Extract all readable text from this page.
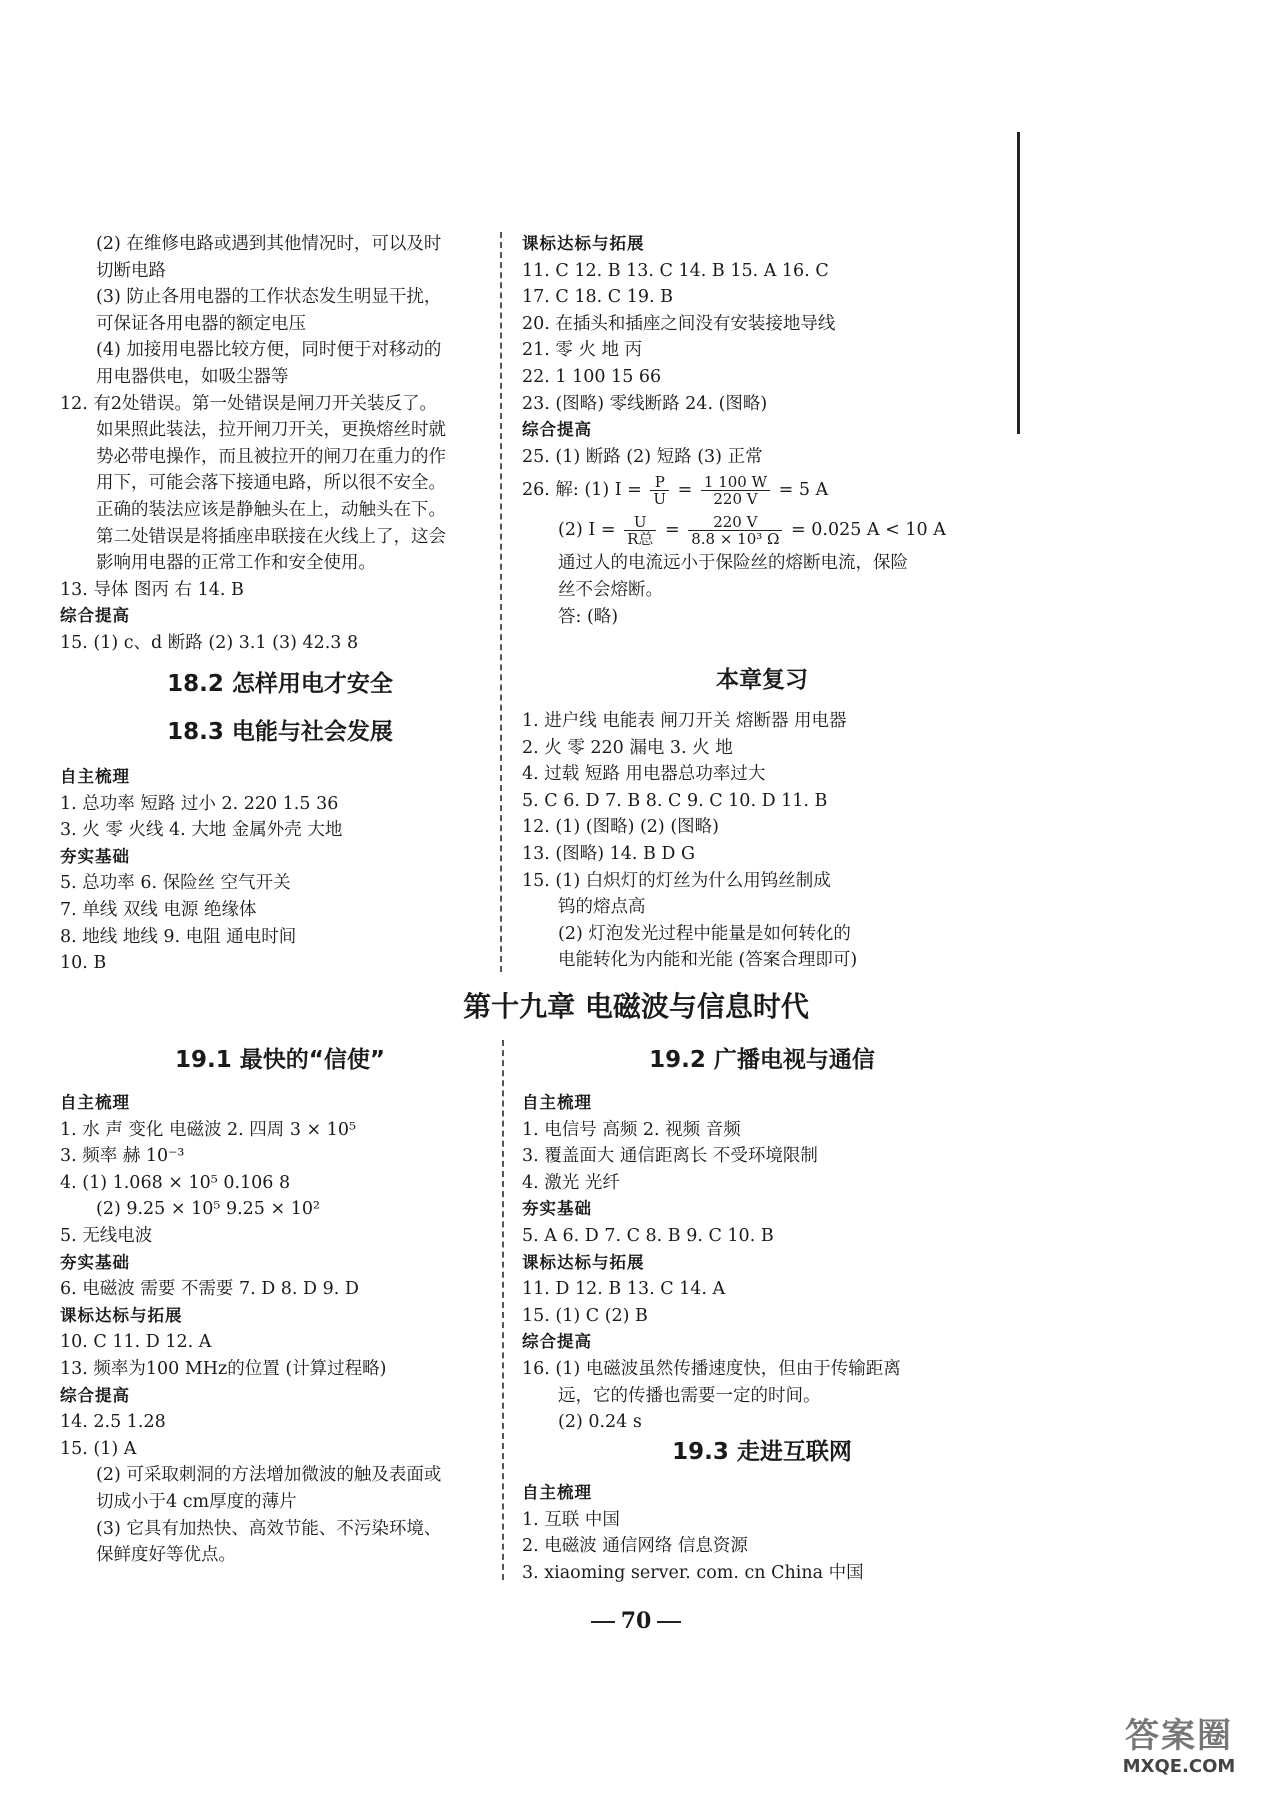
(2) 在维修电路或遇到其他情况时，可以及时
切断电路
(3) 防止各用电器的工作状态发生明显干扰，
可保证各用电器的额定电压
(4) 加接用电器比较方便，同时便于对移动的
用电器供电，如吸尘器等
12. 有2处错误。第一处错误是闸刀开关装反了。
如果照此装法，拉开闸刀开关，更换熔丝时就
势必带电操作，而且被拉开的闸刀在重力的作
用下，可能会落下接通电路，所以很不安全。
正确的装法应该是静触头在上，动触头在下。
第二处错误是将插座串联接在火线上了，这会
影响用电器的正常工作和安全使用。
13. 导体 图丙 右 14. B
综合提高
15. (1) c、d 断路 (2) 3.1 (3) 42.3 8
18.2 怎样用电才安全
18.3 电能与社会发展
自主梳理
1. 总功率 短路 过小 2. 220 1.5 36
3. 火 零 火线 4. 大地 金属外壳 大地
夯实基础
5. 总功率 6. 保险丝 空气开关
7. 单线 双线 电源 绝缘体
8. 地线 地线 9. 电阻 通电时间
10. B
课标达标与拓展
11. C 12. B 13. C 14. B 15. A 16. C
17. C 18. C 19. B
20. 在插头和插座之间没有安装接地导线
21. 零 火 地 丙
22. 1 100 15 66
23. (图略) 零线断路 24. (图略)
综合提高
25. (1) 断路 (2) 短路 (3) 正常
26. 解: (1) $I = \frac{P}{U} = \frac{1 100 W}{220 V} = 5$ A
(2) $I = \frac{U}{\text{R总}} = \frac{220 V}{\text{8.8 × 10³ Ω}} = 0.025$ A < 10 A
通过人的电流远小于保险丝的熔断电流，保险
丝不会熔断。
答: (略)
本章复习
1. 进户线 电能表 闸刀开关 熔断器 用电器
2. 火 零 220 漏电 3. 火 地
4. 过载 短路 用电器总功率过大
5. C 6. D 7. B 8. C 9. C 10. D 11. B
12. (1) (图略) (2) (图略)
13. (图略) 14. B D G
15. (1) 白炽灯的灯丝为什么用钨丝制成
钨的熔点高
(2) 灯泡发光过程中能量是如何转化的
电能转化为内能和光能 (答案合理即可)
第十九章 电磁波与信息时代
19.1 最快的“信使”
自主梳理
1. 水 声 变化 电磁波 2. 四周 3 × 10⁵
3. 频率 赫 10⁻³
4. (1) 1.068 × 10⁵ 0.106 8
(2) 9.25 × 10⁵ 9.25 × 10²
5. 无线电波
夯实基础
6. 电磁波 需要 不需要 7. D 8. D 9. D
课标达标与拓展
10. C 11. D 12. A
13. 频率为100 MHz的位置 (计算过程略)
综合提高
14. 2.5 1.28
15. (1) A
(2) 可采取刺洞的方法增加微波的触及表面或
切成小于4 cm厚度的薄片
(3) 它具有加热快、高效节能、不污染环境、
保鲜度好等优点。
19.2 广播电视与通信
自主梳理
1. 电信号 高频 2. 视频 音频
3. 覆盖面大 通信距离长 不受环境限制
4. 激光 光纤
夯实基础
5. A 6. D 7. C 8. B 9. C 10. B
课标达标与拓展
11. D 12. B 13. C 14. A
15. (1) C (2) B
综合提高
16. (1) 电磁波虽然传播速度快，但由于传输距离
远，它的传播也需要一定的时间。
(2) 0.24 s
19.3 走进互联网
自主梳理
1. 互联 中国
2. 电磁波 通信网络 信息资源
3. xiaoming server. com. cn China 中国
70
答案圈
MXQE.COM
